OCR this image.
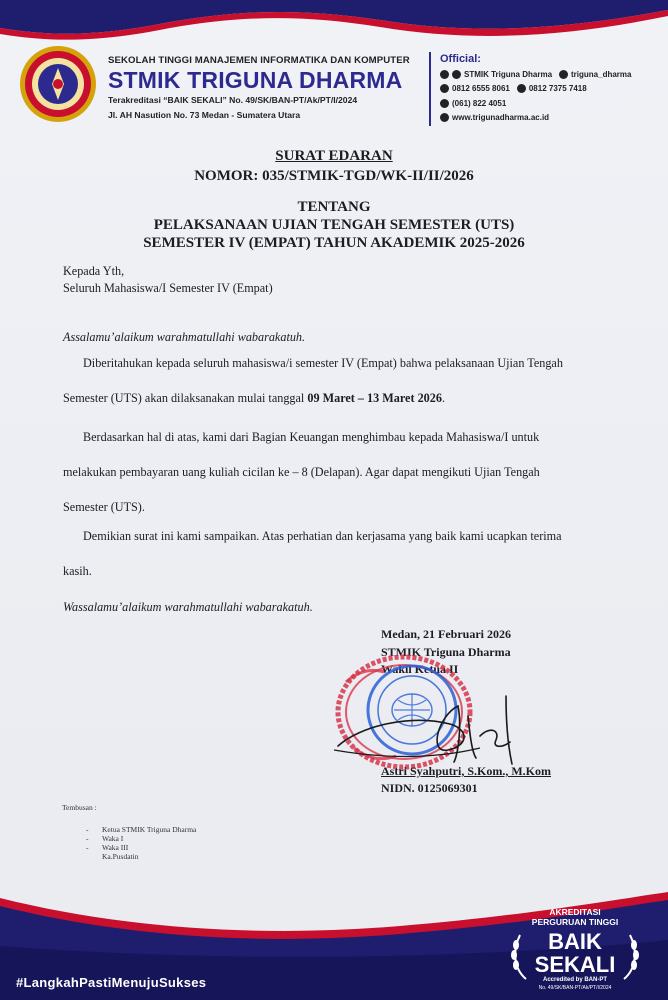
SEKOLAH TINGGI MANAJEMEN INFORMATIKA DAN KOMPUTER
STMIK TRIGUNA DHARMA
Terakreditasi “BAIK SEKALI” No. 49/SK/BAN-PT/Ak/PT/I/2024
Jl. AH Nasution No. 73 Medan - Sumatera Utara
Official:
STMIK Triguna Dharma triguna_dharma
0812 6555 8061 0812 7375 7418
(061) 822 4051
www.trigunadharma.ac.id
SURAT EDARAN
NOMOR: 035/STMIK-TGD/WK-II/II/2026
TENTANG
PELAKSANAAN UJIAN TENGAH SEMESTER (UTS)
SEMESTER IV (EMPAT) TAHUN AKADEMIK 2025-2026
Kepada Yth,
Seluruh Mahasiswa/I Semester IV (Empat)
Assalamu’alaikum warahmatullahi wabarakatuh.
Diberitahukan kepada seluruh mahasiswa/i semester IV (Empat) bahwa pelaksanaan Ujian Tengah
Semester (UTS) akan dilaksanakan mulai tanggal 09 Maret – 13 Maret 2026.
Berdasarkan hal di atas, kami dari Bagian Keuangan menghimbau kepada Mahasiswa/I untuk
melakukan pembayaran uang kuliah cicilan ke – 8 (Delapan). Agar dapat mengikuti Ujian Tengah
Semester (UTS).
Demikian surat ini kami sampaikan. Atas perhatian dan kerjasama yang baik kami ucapkan terima
kasih.
Wassalamu’alaikum warahmatullahi wabarakatuh.
Medan, 21 Februari 2026
STMIK Triguna Dharma
Wakil Ketua II
Astri Syahputri, S.Kom., M.Kom
NIDN. 0125069301
Tembusan :
- Ketua STMIK Triguna Dharma
- Waka I
- Waka III
Ka.Pusdatin
#LangkahPastiMenujuSukses
AKREDITASI
PERGURUAN TINGGI
BAIK
SEKALI
Accredited by BAN-PT
No. 49/SK/BAN-PT/Ak/PT/I/2024
